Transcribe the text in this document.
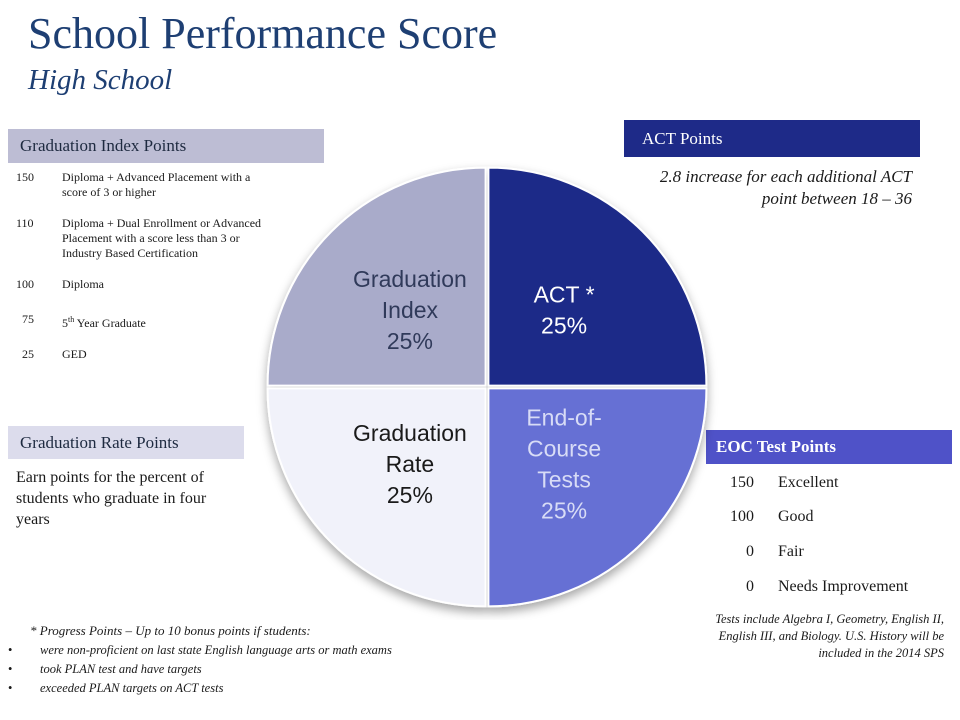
School Performance Score
High School
Graduation Index Points
150	Diploma + Advanced Placement with a
score of 3 or higher
110	Diploma + Dual Enrollment or Advanced
Placement with a score less than 3 or
Industry Based Certification
100	Diploma
75 5th Year Graduate
25 GED
Graduation Rate Points
Earn points for the percent of students who graduate in four years
ACT Points
2.8 increase for each additional ACT point between 18 – 36
EOC Test Points
150 Excellent
100 Good
0 Fair
0 Needs Improvement
Tests include Algebra I, Geometry, English II, English III, and Biology. U.S. History will be included in the 2014 SPS
* Progress Points – Up to 10 bonus points if students:
• were non-proficient on last state English language arts or math exams
• took PLAN test and have targets
• exceeded PLAN targets on ACT tests
ACT * 25%
End-of-Course Tests 25%
Graduation Rate 25%
Graduation Index 25%
